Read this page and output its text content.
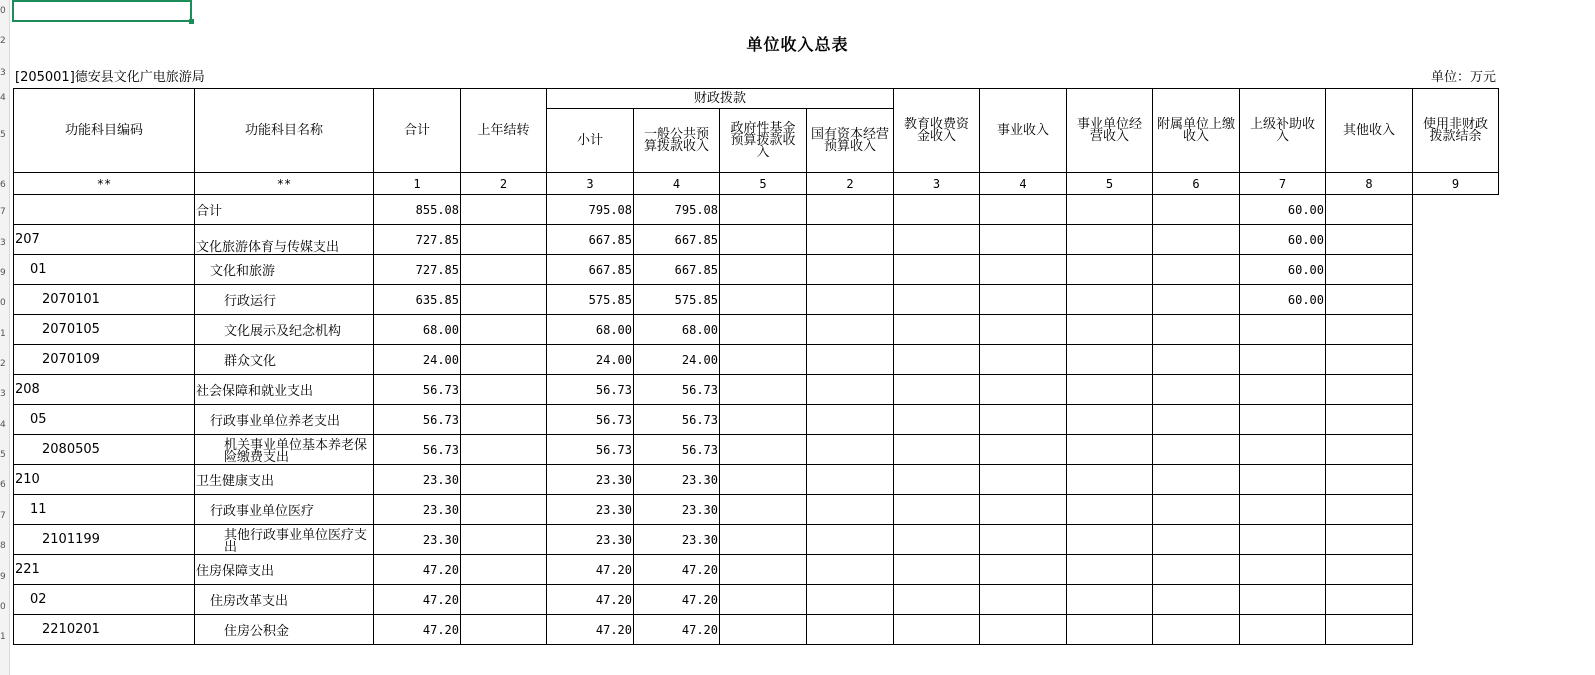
0
2
3
4
5
6
7
3
9
0
1
2
3
4
5
6
7
8
9
0
1
单位收入总表
[205001]德安县文化广电旅游局	单位：万元
功能科目编码	功能科目名称	合计	上年结转	财政拨款				教育收费资金收入	事业收入	事业单位经营收入	附属单位上缴收入	上级补助收入	其他收入	使用非财政拨款结余

				小计	一般公共预算拨款收入	政府性基金预算拨款收入	国有资本经营预算收入							

**	**	1	2	3	4	5	2	3	4	5	6	7	8	9
	合计	855.08		795.08	795.08							60.00		
207	文化旅游体育与传媒支出	727.85		667.85	667.85							60.00		
01	文化和旅游	727.85		667.85	667.85							60.00		
2070101	行政运行	635.85		575.85	575.85							60.00		
2070105	文化展示及纪念机构	68.00		68.00	68.00									
2070109	群众文化	24.00		24.00	24.00									
208	社会保障和就业支出	56.73		56.73	56.73									
05	行政事业单位养老支出	56.73		56.73	56.73									
2080505	机关事业单位基本养老保险缴费支出	56.73		56.73	56.73									
210	卫生健康支出	23.30		23.30	23.30									
11	行政事业单位医疗	23.30		23.30	23.30									
2101199	其他行政事业单位医疗支出	23.30		23.30	23.30									
221	住房保障支出	47.20		47.20	47.20									
02	住房改革支出	47.20		47.20	47.20									
2210201	住房公积金	47.20		47.20	47.20									
